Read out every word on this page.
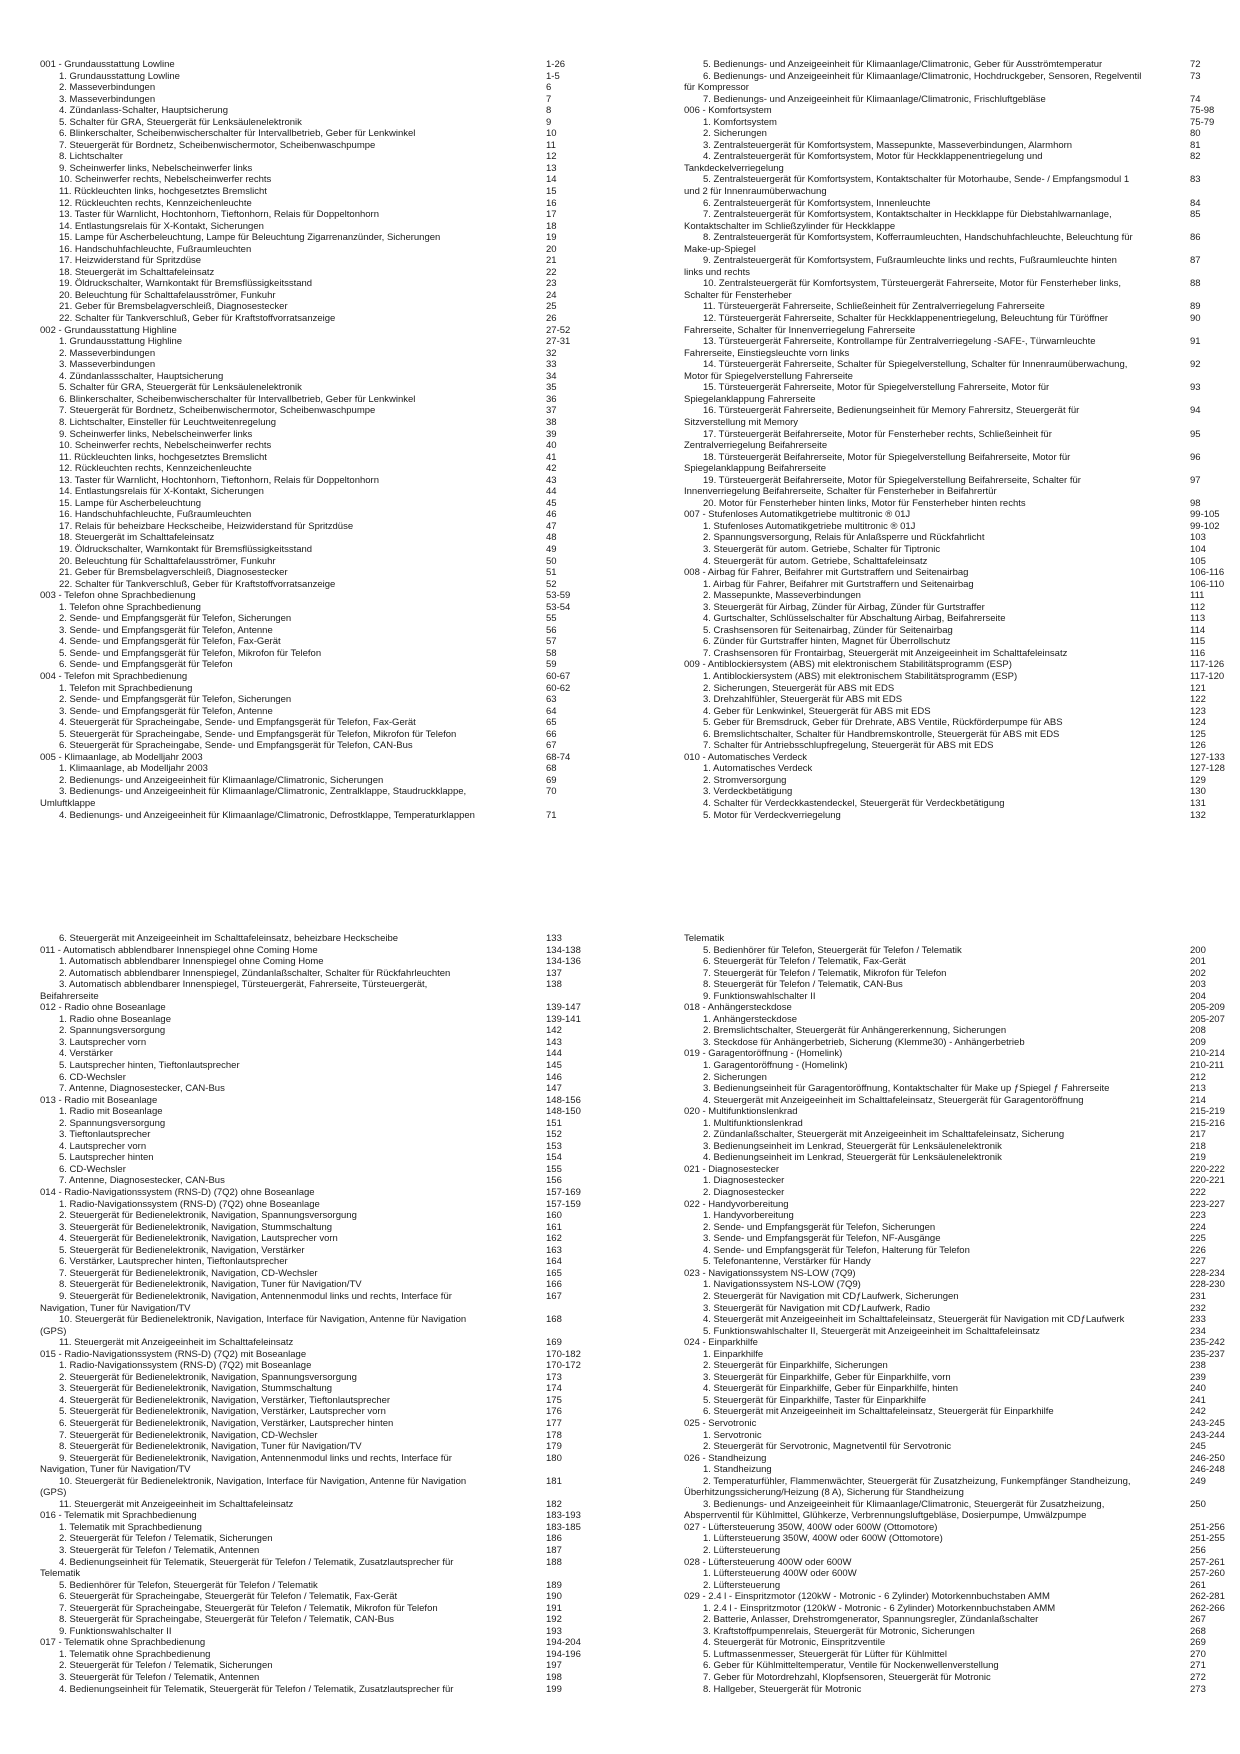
001 - Grundausstattung Lowline	1-26
1. Grundausstattung Lowline	1-5
2. Masseverbindungen	6
3. Masseverbindungen	7
4. Zündanlass-Schalter, Hauptsicherung	8
5. Schalter für GRA, Steuergerät für Lenksäulenelektronik	9
6. Blinkerschalter, Scheibenwischerschalter für Intervallbetrieb, Geber für Lenkwinkel	10
7. Steuergerät für Bordnetz, Scheibenwischermotor, Scheibenwaschpumpe	11
8. Lichtschalter	12
9. Scheinwerfer links, Nebelscheinwerfer links	13
10. Scheinwerfer rechts, Nebelscheinwerfer rechts	14
11. Rückleuchten links, hochgesetztes Bremslicht	15
12. Rückleuchten rechts, Kennzeichenleuchte	16
13. Taster für Warnlicht, Hochtonhorn, Tieftonhorn, Relais für Doppeltonhorn	17
14. Entlastungsrelais für X-Kontakt, Sicherungen	18
15. Lampe für Ascherbeleuchtung, Lampe für Beleuchtung Zigarrenanzünder, Sicherungen	19
16. Handschuhfachleuchte, Fußraumleuchten	20
17. Heizwiderstand für Spritzdüse	21
18. Steuergerät im Schalttafeleinsatz	22
19. Öldruckschalter, Warnkontakt für Bremsflüssigkeitsstand	23
20. Beleuchtung für Schalttafelausströmer, Funkuhr	24
21. Geber für Bremsbelagverschleiß, Diagnosestecker	25
22. Schalter für Tankverschluß, Geber für Kraftstoffvorratsanzeige	26
002 - Grundausstattung Highline	27-52
1. Grundausstattung Highline	27-31
2. Masseverbindungen	32
3. Masseverbindungen	33
4. Zündanlassschalter, Hauptsicherung	34
5. Schalter für GRA, Steuergerät für Lenksäulenelektronik	35
6. Blinkerschalter, Scheibenwischerschalter für Intervallbetrieb, Geber für Lenkwinkel	36
7. Steuergerät für Bordnetz, Scheibenwischermotor, Scheibenwaschpumpe	37
8. Lichtschalter, Einsteller für Leuchtweitenregelung	38
9. Scheinwerfer links, Nebelscheinwerfer links	39
10. Scheinwerfer rechts, Nebelscheinwerfer rechts	40
11. Rückleuchten links, hochgesetztes Bremslicht	41
12. Rückleuchten rechts, Kennzeichenleuchte	42
13. Taster für Warnlicht, Hochtonhorn, Tieftonhorn, Relais für Doppeltonhorn	43
14. Entlastungsrelais für X-Kontakt, Sicherungen	44
15. Lampe für Ascherbeleuchtung	45
16. Handschuhfachleuchte, Fußraumleuchten	46
17. Relais für beheizbare Heckscheibe, Heizwiderstand für Spritzdüse	47
18. Steuergerät im Schalttafeleinsatz	48
19. Öldruckschalter, Warnkontakt für Bremsflüssigkeitsstand	49
20. Beleuchtung für Schalttafelausströmer, Funkuhr	50
21. Geber für Bremsbelagverschleiß, Diagnosestecker	51
22. Schalter für Tankverschluß, Geber für Kraftstoffvorratsanzeige	52
003 - Telefon ohne Sprachbedienung	53-59
1. Telefon ohne Sprachbedienung	53-54
2. Sende- und Empfangsgerät für Telefon, Sicherungen	55
3. Sende- und Empfangsgerät für Telefon, Antenne	56
4. Sende- und Empfangsgerät für Telefon, Fax-Gerät	57
5. Sende- und Empfangsgerät für Telefon, Mikrofon für Telefon	58
6. Sende- und Empfangsgerät für Telefon	59
004 - Telefon mit Sprachbedienung	60-67
1. Telefon mit Sprachbedienung	60-62
2. Sende- und Empfangsgerät für Telefon, Sicherungen	63
3. Sende- und Empfangsgerät für Telefon, Antenne	64
4. Steuergerät für Spracheingabe, Sende- und Empfangsgerät für Telefon, Fax-Gerät	65
5. Steuergerät für Spracheingabe, Sende- und Empfangsgerät für Telefon, Mikrofon für Telefon	66
6. Steuergerät für Spracheingabe, Sende- und Empfangsgerät für Telefon, CAN-Bus	67
005 - Klimaanlage, ab Modelljahr 2003	68-74
1. Klimaanlage, ab Modelljahr 2003	68
2. Bedienungs- und Anzeigeeinheit für Klimaanlage/Climatronic, Sicherungen	69
3. Bedienungs- und Anzeigeeinheit für Klimaanlage/Climatronic, Zentralklappe, Staudruckklappe,	70
Umluftklappe
4. Bedienungs- und Anzeigeeinheit für Klimaanlage/Climatronic, Defrostklappe, Temperaturklappen	71
5. Bedienungs- und Anzeigeeinheit für Klimaanlage/Climatronic, Geber für Ausströmtemperatur	72
6. Bedienungs- und Anzeigeeinheit für Klimaanlage/Climatronic, Hochdruckgeber, Sensoren, Regelventil	73
für Kompressor
7. Bedienungs- und Anzeigeeinheit für Klimaanlage/Climatronic, Frischluftgebläse	74
006 - Komfortsystem	75-98
1. Komfortsystem	75-79
2. Sicherungen	80
3. Zentralsteuergerät für Komfortsystem, Massepunkte, Masseverbindungen, Alarmhorn	81
4. Zentralsteuergerät für Komfortsystem, Motor für Heckklappenentriegelung und	82
Tankdeckelverriegelung
5. Zentralsteuergerät für Komfortsystem, Kontaktschalter für Motorhaube, Sende- / Empfangsmodul 1	83
und 2 für Innenraumüberwachung
6. Zentralsteuergerät für Komfortsystem, Innenleuchte	84
7. Zentralsteuergerät für Komfortsystem, Kontaktschalter in Heckklappe für Diebstahlwarnanlage,	85
Kontaktschalter im Schließzylinder für Heckklappe
8. Zentralsteuergerät für Komfortsystem, Kofferraumleuchten, Handschuhfachleuchte, Beleuchtung für	86
Make-up-Spiegel
9. Zentralsteuergerät für Komfortsystem, Fußraumleuchte links und rechts, Fußraumleuchte hinten	87
links und rechts
10. Zentralsteuergerät für Komfortsystem, Türsteuergerät Fahrerseite, Motor für Fensterheber links,	88
Schalter für Fensterheber
11. Türsteuergerät Fahrerseite, Schließeinheit für Zentralverriegelung Fahrerseite	89
12. Türsteuergerät Fahrerseite, Schalter für Heckklappenentriegelung, Beleuchtung für Türöffner	90
Fahrerseite, Schalter für Innenverriegelung Fahrerseite
13. Türsteuergerät Fahrerseite, Kontrollampe für Zentralverriegelung -SAFE-, Türwarnleuchte	91
Fahrerseite, Einstiegsleuchte vorn links
14. Türsteuergerät Fahrerseite, Schalter für Spiegelverstellung, Schalter für Innenraumüberwachung,	92
Motor für Spiegelverstellung Fahrerseite
15. Türsteuergerät Fahrerseite, Motor für Spiegelverstellung Fahrerseite, Motor für	93
Spiegelanklappung Fahrerseite
16. Türsteuergerät Fahrerseite, Bedienungseinheit für Memory Fahrersitz, Steuergerät für	94
Sitzverstellung mit Memory
17. Türsteuergerät Beifahrerseite, Motor für Fensterheber rechts, Schließeinheit für	95
Zentralverriegelung Beifahrerseite
18. Türsteuergerät Beifahrerseite, Motor für Spiegelverstellung Beifahrerseite, Motor für	96
Spiegelanklappung Beifahrerseite
19. Türsteuergerät Beifahrerseite, Motor für Spiegelverstellung Beifahrerseite, Schalter für	97
Innenverriegelung Beifahrerseite, Schalter für Fensterheber in Beifahrertür
20. Motor für Fensterheber hinten links, Motor für Fensterheber hinten rechts	98
007 - Stufenloses Automatikgetriebe multitronic ® 01J	99-105
1. Stufenloses Automatikgetriebe multitronic ® 01J	99-102
2. Spannungsversorgung, Relais für Anlaßsperre und Rückfahrlicht	103
3. Steuergerät für autom. Getriebe, Schalter für Tiptronic	104
4. Steuergerät für autom. Getriebe, Schalttafeleinsatz	105
008 - Airbag für Fahrer, Beifahrer mit Gurtstraffern und Seitenairbag	106-116
1. Airbag für Fahrer, Beifahrer mit Gurtstraffern und Seitenairbag	106-110
2. Massepunkte, Masseverbindungen	111
3. Steuergerät für Airbag, Zünder für Airbag, Zünder für Gurtstraffer	112
4. Gurtschalter, Schlüsselschalter für Abschaltung Airbag, Beifahrerseite	113
5. Crashsensoren für Seitenairbag, Zünder für Seitenairbag	114
6. Zünder für Gurtstraffer hinten, Magnet für Überrollschutz	115
7. Crashsensoren für Frontairbag, Steuergerät mit Anzeigeeinheit im Schalttafeleinsatz	116
009 - Antiblockiersystem (ABS) mit elektronischem Stabilitätsprogramm (ESP)	117-126
1. Antiblockiersystem (ABS) mit elektronischem Stabilitätsprogramm (ESP)	117-120
2. Sicherungen, Steuergerät für ABS mit EDS	121
3. Drehzahlfühler, Steuergerät für ABS mit EDS	122
4. Geber für Lenkwinkel, Steuergerät für ABS mit EDS	123
5. Geber für Bremsdruck, Geber für Drehrate, ABS Ventile, Rückförderpumpe für ABS	124
6. Bremslichtschalter, Schalter für Handbremskontrolle, Steuergerät für ABS mit EDS	125
7. Schalter für Antriebsschlupfregelung, Steuergerät für ABS mit EDS	126
010 - Automatisches Verdeck	127-133
1. Automatisches Verdeck	127-128
2. Stromversorgung	129
3. Verdeckbetätigung	130
4. Schalter für Verdeckkastendeckel, Steuergerät für Verdeckbetätigung	131
5. Motor für Verdeckverriegelung	132
6. Steuergerät mit Anzeigeeinheit im Schalttafeleinsatz, beheizbare Heckscheibe	133
011 - Automatisch abblendbarer Innenspiegel ohne Coming Home	134-138
1. Automatisch abblendbarer Innenspiegel ohne Coming Home	134-136
2. Automatisch abblendbarer Innenspiegel, Zündanlaßschalter, Schalter für Rückfahrleuchten	137
3. Automatisch abblendbarer Innenspiegel, Türsteuergerät, Fahrerseite, Türsteuergerät,	138
Beifahrerseite
012 - Radio ohne Boseanlage	139-147
1. Radio ohne Boseanlage	139-141
2. Spannungsversorgung	142
3. Lautsprecher vorn	143
4. Verstärker	144
5. Lautsprecher hinten, Tieftonlautsprecher	145
6. CD-Wechsler	146
7. Antenne, Diagnosestecker, CAN-Bus	147
013 - Radio mit Boseanlage	148-156
1. Radio mit Boseanlage	148-150
2. Spannungsversorgung	151
3. Tieftonlautsprecher	152
4. Lautsprecher vorn	153
5. Lautsprecher hinten	154
6. CD-Wechsler	155
7. Antenne, Diagnosestecker, CAN-Bus	156
014 - Radio-Navigationssystem (RNS-D) (7Q2) ohne Boseanlage	157-169
1. Radio-Navigationssystem (RNS-D) (7Q2) ohne Boseanlage	157-159
2. Steuergerät für Bedienelektronik, Navigation, Spannungsversorgung	160
3. Steuergerät für Bedienelektronik, Navigation, Stummschaltung	161
4. Steuergerät für Bedienelektronik, Navigation, Lautsprecher vorn	162
5. Steuergerät für Bedienelektronik, Navigation, Verstärker	163
6. Verstärker, Lautsprecher hinten, Tieftonlautsprecher	164
7. Steuergerät für Bedienelektronik, Navigation, CD-Wechsler	165
8. Steuergerät für Bedienelektronik, Navigation, Tuner für Navigation/TV	166
9. Steuergerät für Bedienelektronik, Navigation, Antennenmodul links und rechts, Interface für	167
Navigation, Tuner für Navigation/TV
10. Steuergerät für Bedienelektronik, Navigation, Interface für Navigation, Antenne für Navigation	168
(GPS)
11. Steuergerät mit Anzeigeeinheit im Schalttafeleinsatz	169
015 - Radio-Navigationssystem (RNS-D) (7Q2) mit Boseanlage	170-182
1. Radio-Navigationssystem (RNS-D) (7Q2) mit Boseanlage	170-172
2. Steuergerät für Bedienelektronik, Navigation, Spannungsversorgung	173
3. Steuergerät für Bedienelektronik, Navigation, Stummschaltung	174
4. Steuergerät für Bedienelektronik, Navigation, Verstärker, Tieftonlautsprecher	175
5. Steuergerät für Bedienelektronik, Navigation, Verstärker, Lautsprecher vorn	176
6. Steuergerät für Bedienelektronik, Navigation, Verstärker, Lautsprecher hinten	177
7. Steuergerät für Bedienelektronik, Navigation, CD-Wechsler	178
8. Steuergerät für Bedienelektronik, Navigation, Tuner für Navigation/TV	179
9. Steuergerät für Bedienelektronik, Navigation, Antennenmodul links und rechts, Interface für	180
Navigation, Tuner für Navigation/TV
10. Steuergerät für Bedienelektronik, Navigation, Interface für Navigation, Antenne für Navigation	181
(GPS)
11. Steuergerät mit Anzeigeeinheit im Schalttafeleinsatz	182
016 - Telematik mit Sprachbedienung	183-193
1. Telematik mit Sprachbedienung	183-185
2. Steuergerät für Telefon / Telematik, Sicherungen	186
3. Steuergerät für Telefon / Telematik, Antennen	187
4. Bedienungseinheit für Telematik, Steuergerät für Telefon / Telematik, Zusatzlautsprecher für	188
Telematik
5. Bedienhörer für Telefon, Steuergerät für Telefon / Telematik	189
6. Steuergerät für Spracheingabe, Steuergerät für Telefon / Telematik, Fax-Gerät	190
7. Steuergerät für Spracheingabe, Steuergerät für Telefon / Telematik, Mikrofon für Telefon	191
8. Steuergerät für Spracheingabe, Steuergerät für Telefon / Telematik, CAN-Bus	192
9. Funktionswahlschalter II	193
017 - Telematik ohne Sprachbedienung	194-204
1. Telematik ohne Sprachbedienung	194-196
2. Steuergerät für Telefon / Telematik, Sicherungen	197
3. Steuergerät für Telefon / Telematik, Antennen	198
4. Bedienungseinheit für Telematik, Steuergerät für Telefon / Telematik, Zusatzlautsprecher für	199
Telematik
5. Bedienhörer für Telefon, Steuergerät für Telefon / Telematik	200
6. Steuergerät für Telefon / Telematik, Fax-Gerät	201
7. Steuergerät für Telefon / Telematik, Mikrofon für Telefon	202
8. Steuergerät für Telefon / Telematik, CAN-Bus	203
9. Funktionswahlschalter II	204
018 - Anhängersteckdose	205-209
1. Anhängersteckdose	205-207
2. Bremslichtschalter, Steuergerät für Anhängererkennung, Sicherungen	208
3. Steckdose für Anhängerbetrieb, Sicherung (Klemme30) - Anhängerbetrieb	209
019 - Garagentoröffnung - (Homelink)	210-214
1. Garagentoröffnung - (Homelink)	210-211
2. Sicherungen	212
3. Bedienungseinheit für Garagentoröffnung, Kontaktschalter für Make up ƒSpiegel ƒ Fahrerseite	213
4. Steuergerät mit Anzeigeeinheit im Schalttafeleinsatz, Steuergerät für Garagentoröffnung	214
020 - Multifunktionslenkrad	215-219
1. Multifunktionslenkrad	215-216
2. Zündanlaßschalter, Steuergerät mit Anzeigeeinheit im Schalttafeleinsatz, Sicherung	217
3. Bedienungseinheit im Lenkrad, Steuergerät für Lenksäulenelektronik	218
4. Bedienungseinheit im Lenkrad, Steuergerät für Lenksäulenelektronik	219
021 - Diagnosestecker	220-222
1. Diagnosestecker	220-221
2. Diagnosestecker	222
022 - Handyvorbereitung	223-227
1. Handyvorbereitung	223
2. Sende- und Empfangsgerät für Telefon, Sicherungen	224
3. Sende- und Empfangsgerät für Telefon, NF-Ausgänge	225
4. Sende- und Empfangsgerät für Telefon, Halterung für Telefon	226
5. Telefonantenne, Verstärker für Handy	227
023 - Navigationssystem NS-LOW (7Q9)	228-234
1. Navigationssystem NS-LOW (7Q9)	228-230
2. Steuergerät für Navigation mit CDƒLaufwerk, Sicherungen	231
3. Steuergerät für Navigation mit CDƒLaufwerk, Radio	232
4. Steuergerät mit Anzeigeeinheit im Schalttafeleinsatz, Steuergerät für Navigation mit CDƒLaufwerk	233
5. Funktionswahlschalter II, Steuergerät mit Anzeigeeinheit im Schalttafeleinsatz	234
024 - Einparkhilfe	235-242
1. Einparkhilfe	235-237
2. Steuergerät für Einparkhilfe, Sicherungen	238
3. Steuergerät für Einparkhilfe, Geber für Einparkhilfe, vorn	239
4. Steuergerät für Einparkhilfe, Geber für Einparkhilfe, hinten	240
5. Steuergerät für Einparkhilfe, Taster für Einparkhilfe	241
6. Steuergerät mit Anzeigeeinheit im Schalttafeleinsatz, Steuergerät für Einparkhilfe	242
025 - Servotronic	243-245
1. Servotronic	243-244
2. Steuergerät für Servotronic, Magnetventil für Servotronic	245
026 - Standheizung	246-250
1. Standheizung	246-248
2. Temperaturfühler, Flammenwächter, Steuergerät für Zusatzheizung, Funkempfänger Standheizung,	249
Überhitzungssicherung/Heizung (8 A), Sicherung für Standheizung
3. Bedienungs- und Anzeigeeinheit für Klimaanlage/Climatronic, Steuergerät für Zusatzheizung,	250
Absperrventil für Kühlmittel, Glühkerze, Verbrennungsluftgebläse, Dosierpumpe, Umwälzpumpe
027 - Lüftersteuerung 350W, 400W oder 600W (Ottomotore)	251-256
1. Lüftersteuerung 350W, 400W oder 600W (Ottomotore)	251-255
2. Lüftersteuerung	256
028 - Lüftersteuerung 400W oder 600W	257-261
1. Lüftersteuerung 400W oder 600W	257-260
2. Lüftersteuerung	261
029 - 2.4 l - Einspritzmotor (120kW - Motronic - 6 Zylinder) Motorkennbuchstaben AMM	262-281
1. 2.4 l - Einspritzmotor (120kW - Motronic - 6 Zylinder) Motorkennbuchstaben AMM	262-266
2. Batterie, Anlasser, Drehstromgenerator, Spannungsregler, Zündanlaßschalter	267
3. Kraftstoffpumpenrelais, Steuergerät für Motronic, Sicherungen	268
4. Steuergerät für Motronic, Einspritzventile	269
5. Luftmassenmesser, Steuergerät für Lüfter für Kühlmittel	270
6. Geber für Kühlmitteltemperatur, Ventile für Nockenwellenverstellung	271
7. Geber für Motordrehzahl, Klopfsensoren, Steuergerät für Motronic	272
8. Hallgeber, Steuergerät für Motronic	273
